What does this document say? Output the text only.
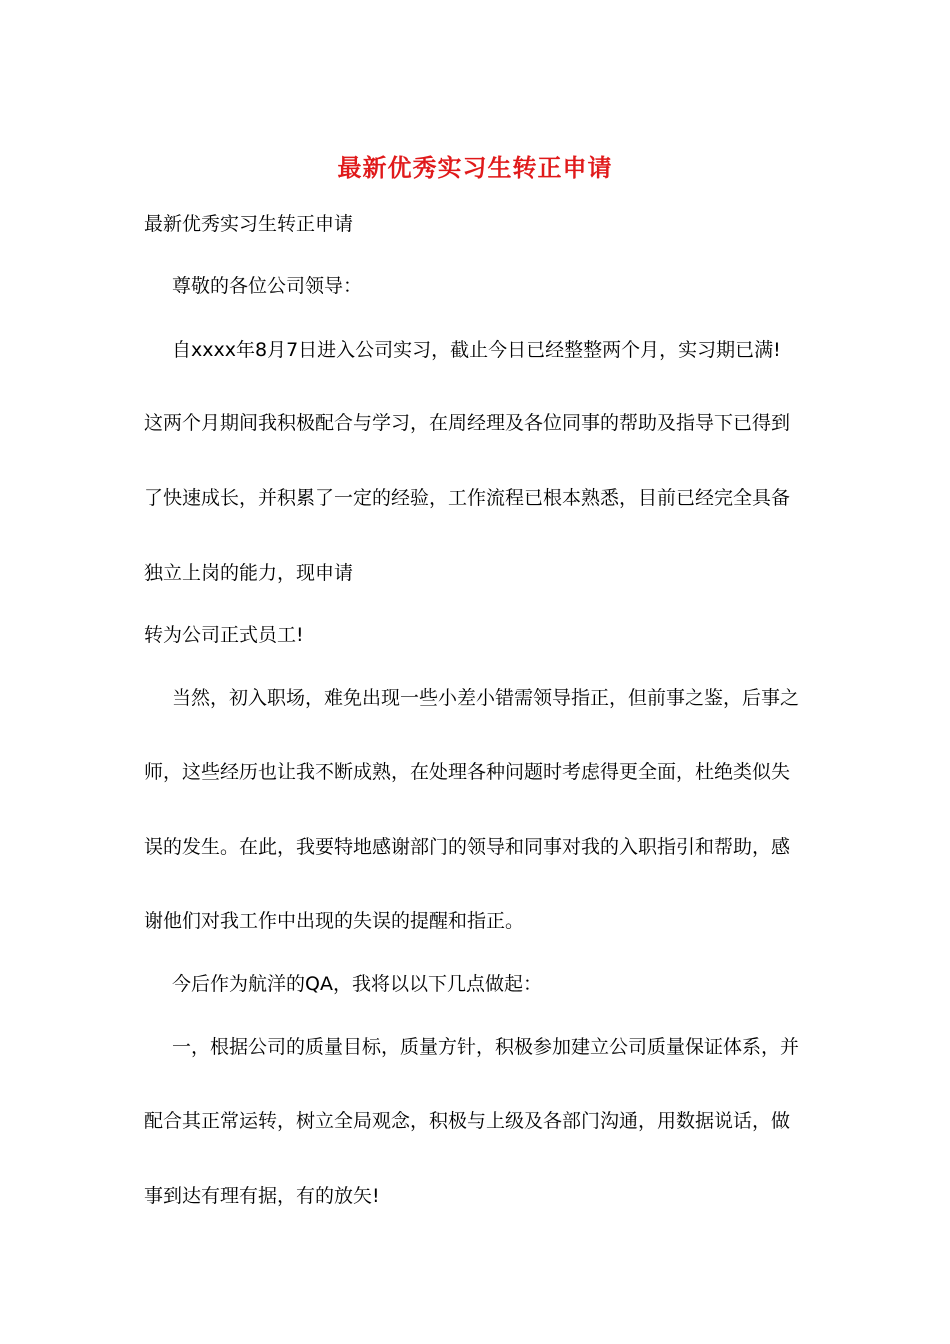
最新优秀实习生转正申请
最新优秀实习生转正申请
尊敬的各位公司领导：
自xxxx年8月7日进入公司实习，截止今日已经整整两个月，实习期已满!
这两个月期间我积极配合与学习，在周经理及各位同事的帮助及指导下已得到
了快速成长，并积累了一定的经验，工作流程已根本熟悉，目前已经完全具备
独立上岗的能力，现申请
转为公司正式员工!
当然，初入职场，难免出现一些小差小错需领导指正，但前事之鉴，后事之
师，这些经历也让我不断成熟，在处理各种问题时考虑得更全面，杜绝类似失
误的发生。在此，我要特地感谢部门的领导和同事对我的入职指引和帮助，感
谢他们对我工作中出现的失误的提醒和指正。
今后作为航洋的QA，我将以以下几点做起：
一，根据公司的质量目标，质量方针，积极参加建立公司质量保证体系，并
配合其正常运转，树立全局观念，积极与上级及各部门沟通，用数据说话，做
事到达有理有据，有的放矢!
